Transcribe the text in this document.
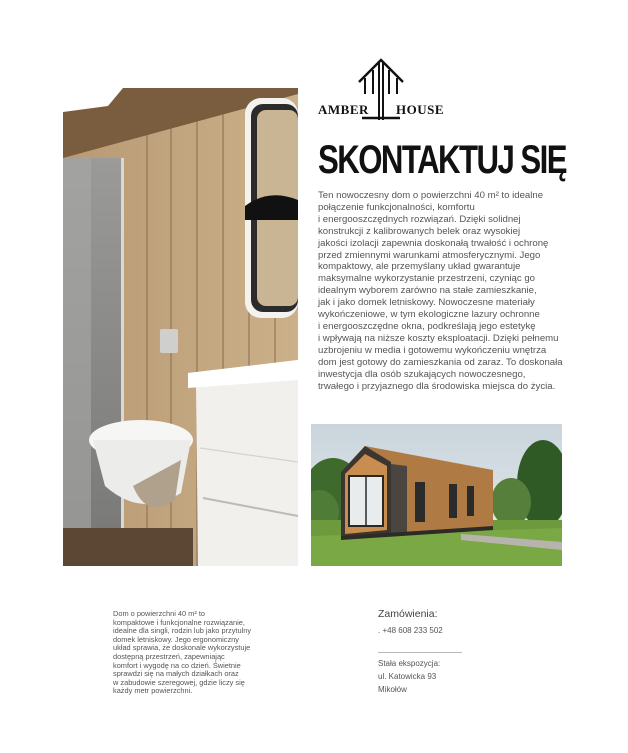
AMBER HOUSE
SKONTAKTUJ SIĘ
Ten nowoczesny dom o powierzchni 40 m² to idealne
połączenie funkcjonalności, komfortu
i energooszczędnych rozwiązań. Dzięki solidnej
konstrukcji z kalibrowanych belek oraz wysokiej
jakości izolacji zapewnia doskonałą trwałość i ochronę
przed zmiennymi warunkami atmosferycznymi. Jego
kompaktowy, ale przemyślany układ gwarantuje
maksymalne wykorzystanie przestrzeni, czyniąc go
idealnym wyborem zarówno na stałe zamieszkanie,
jak i jako domek letniskowy. Nowoczesne materiały
wykończeniowe, w tym ekologiczne lazury ochronne
i energooszczędne okna, podkreślają jego estetykę
i wpływają na niższe koszty eksploatacji. Dzięki pełnemu
uzbrojeniu w media i gotowemu wykończeniu wnętrza
dom jest gotowy do zamieszkania od zaraz. To doskonała
inwestycja dla osób szukających nowoczesnego,
trwałego i przyjaznego dla środowiska miejsca do życia.
Dom o powierzchni 40 m² to
kompaktowe i funkcjonalne rozwiązanie,
idealne dla singli, rodzin lub jako przytulny
domek letniskowy. Jego ergonomiczny
układ sprawia, że doskonale wykorzystuje
dostępną przestrzeń, zapewniając
komfort i wygodę na co dzień. Świetnie
sprawdzi się na małych działkach oraz
w zabudowie szeregowej, gdzie liczy się
każdy metr powierzchni.
Zamówienia:
. +48 608 233 502
Stała ekspozycja:
ul. Katowicka 93
Mikołów
